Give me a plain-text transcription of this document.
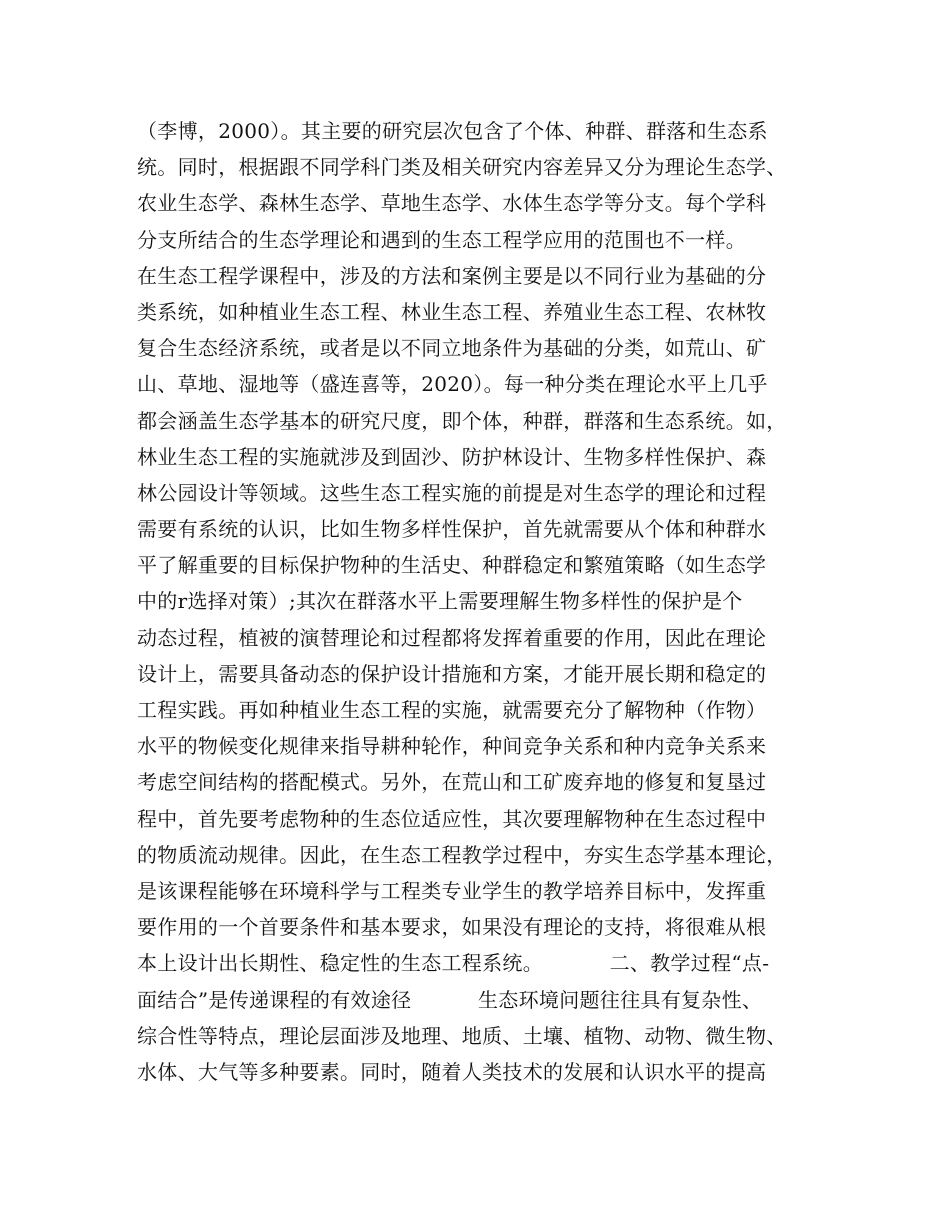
（李博，2000）。其主要的研究层次包含了个体、种群、群落和生态系
统。同时，根据跟不同学科门类及相关研究内容差异又分为理论生态学、
农业生态学、森林生态学、草地生态学、水体生态学等分支。每个学科
分支所结合的生态学理论和遇到的生态工程学应用的范围也不一样。
在生态工程学课程中，涉及的方法和案例主要是以不同行业为基础的分
类系统，如种植业生态工程、林业生态工程、养殖业生态工程、农林牧
复合生态经济系统，或者是以不同立地条件为基础的分类，如荒山、矿
山、草地、湿地等（盛连喜等，2020）。每一种分类在理论水平上几乎
都会涵盖生态学基本的研究尺度，即个体，种群，群落和生态系统。如，
林业生态工程的实施就涉及到固沙、防护林设计、生物多样性保护、森
林公园设计等领域。这些生态工程实施的前提是对生态学的理论和过程
需要有系统的认识，比如生物多样性保护，首先就需要从个体和种群水
平了解重要的目标保护物种的生活史、种群稳定和繁殖策略（如生态学
中的r选择对策）;其次在群落水平上需要理解生物多样性的保护是个
动态过程，植被的演替理论和过程都将发挥着重要的作用，因此在理论
设计上，需要具备动态的保护设计措施和方案，才能开展长期和稳定的
工程实践。再如种植业生态工程的实施，就需要充分了解物种（作物）
水平的物候变化规律来指导耕种轮作，种间竞争关系和种内竞争关系来
考虑空间结构的搭配模式。另外，在荒山和工矿废弃地的修复和复垦过
程中，首先要考虑物种的生态位适应性，其次要理解物种在生态过程中
的物质流动规律。因此，在生态工程教学过程中，夯实生态学基本理论，
是该课程能够在环境科学与工程类专业学生的教学培养目标中，发挥重
要作用的一个首要条件和基本要求，如果没有理论的支持，将很难从根
本上设计出长期性、稳定性的生态工程系统。          二、教学过程“点-
面结合”是传递课程的有效途径          生态环境问题往往具有复杂性、
综合性等特点，理论层面涉及地理、地质、土壤、植物、动物、微生物、
水体、大气等多种要素。同时，随着人类技术的发展和认识水平的提高
